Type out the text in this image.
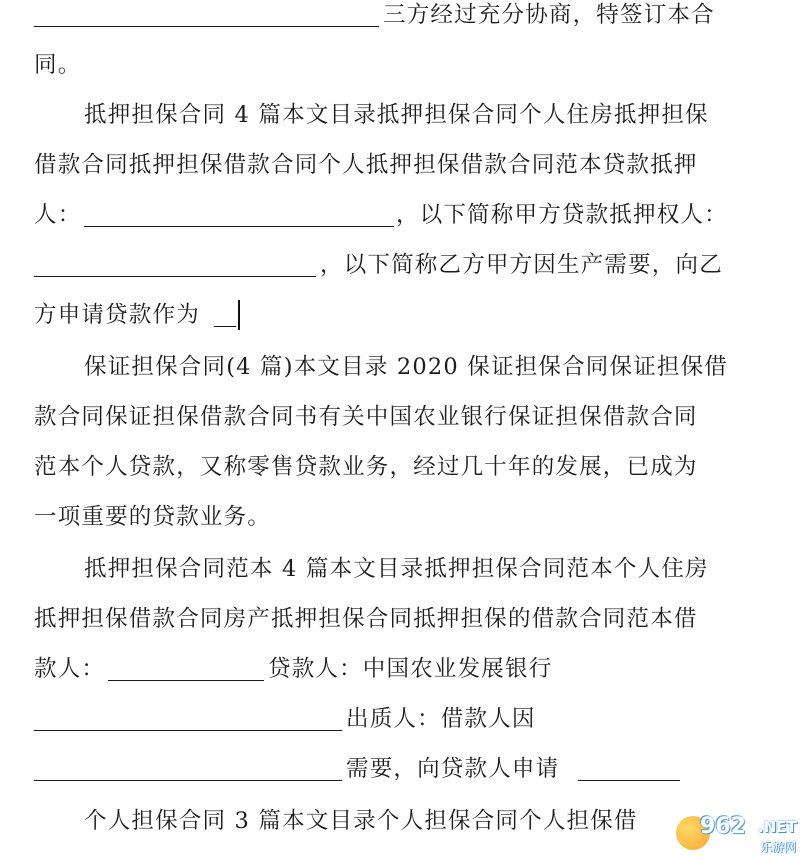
三方经过充分协商，特签订本合
同。
抵押担保合同 4 篇本文目录抵押担保合同个人住房抵押担保
借款合同抵押担保借款合同个人抵押担保借款合同范本贷款抵押
人：	，以下简称甲方贷款抵押权人：
，以下简称乙方甲方因生产需要，向乙
方申请贷款作为
保证担保合同(4 篇)本文目录 2020 保证担保合同保证担保借
款合同保证担保借款合同书有关中国农业银行保证担保借款合同
范本个人贷款，又称零售贷款业务，经过几十年的发展，已成为
一项重要的贷款业务。
抵押担保合同范本 4 篇本文目录抵押担保合同范本个人住房
抵押担保借款合同房产抵押担保合同抵押担保的借款合同范本借
款人：	贷款人：中国农业发展银行
出质人：借款人因
需要，向贷款人申请
个人担保合同 3 篇本文目录个人担保合同个人担保借	962 .NET
乐游网
